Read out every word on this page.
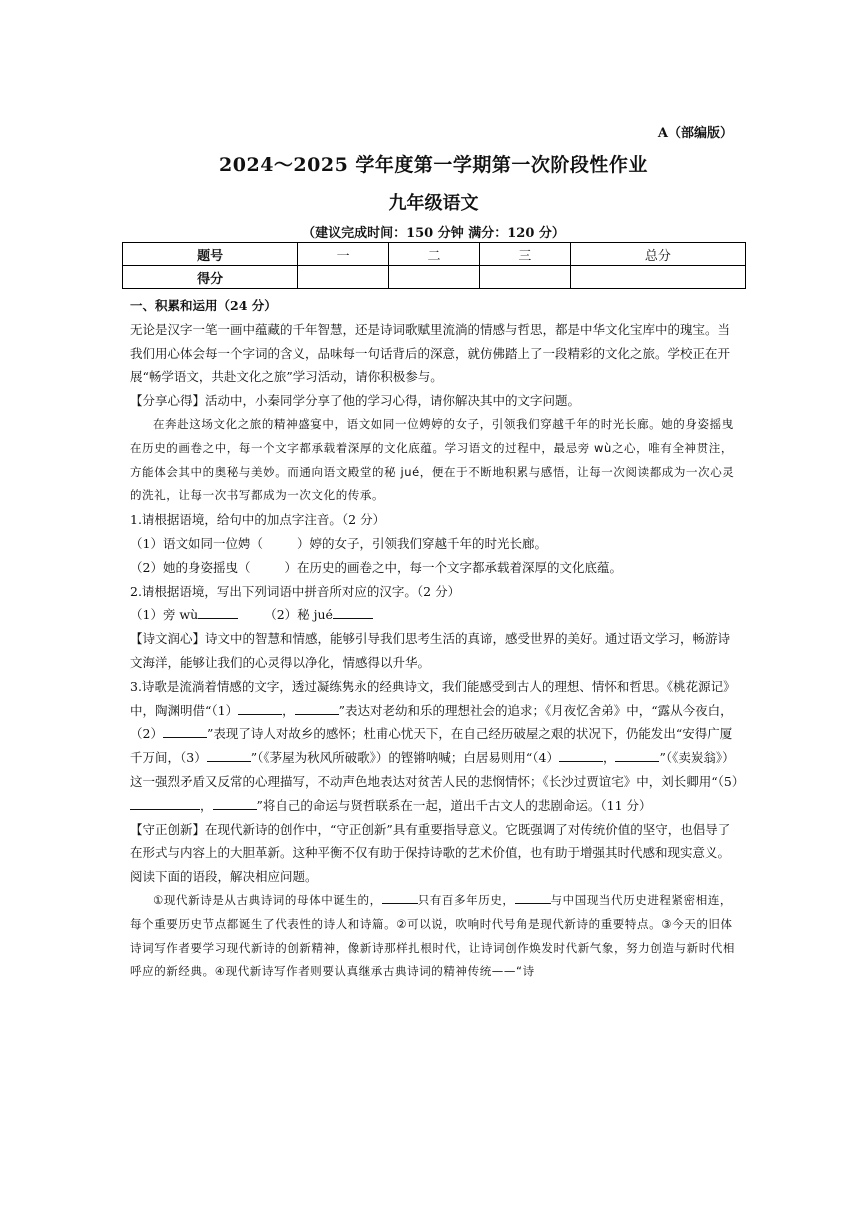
A（部编版）
2024～2025 学年度第一学期第一次阶段性作业
九年级语文
（建议完成时间：150 分钟 满分：120 分）
题号	一	二	三	总分
得分				

一、积累和运用（24 分）

无论是汉字一笔一画中蕴藏的千年智慧，还是诗词歌赋里流淌的情感与哲思，都是中华文化宝库中的瑰宝。当我们用心体会每一个字词的含义，品味每一句话背后的深意，就仿佛踏上了一段精彩的文化之旅。学校正在开展“畅学语文，共赴文化之旅”学习活动，请你积极参与。

【分享心得】活动中，小秦同学分享了他的学习心得，请你解决其中的文字问题。

在奔赴这场文化之旅的精神盛宴中，语文如同一位娉婷的女子，引领我们穿越千年的时光长廊。她的身姿摇曳在历史的画卷之中，每一个文字都承载着深厚的文化底蕴。学习语文的过程中，最忌旁 wù之心，唯有全神贯注，方能体会其中的奥秘与美妙。而通向语文殿堂的秘 jué，便在于不断地积累与感悟，让每一次阅读都成为一次心灵的洗礼，让每一次书写都成为一次文化的传承。

1.请根据语境，给句中的加点字注音。（2 分）

（1）语文如同一位娉（	）婷的女子，引领我们穿越千年的时光长廊。

（2）她的身姿摇曳（	）在历史的画卷之中，每一个文字都承载着深厚的文化底蕴。

2.请根据语境，写出下列词语中拼音所对应的汉字。（2 分）

（1）旁 wù	（2）秘 jué

【诗文润心】诗文中的智慧和情感，能够引导我们思考生活的真谛，感受世界的美好。通过语文学习，畅游诗文海洋，能够让我们的心灵得以净化，情感得以升华。

3.诗歌是流淌着情感的文字，透过凝练隽永的经典诗文，我们能感受到古人的理想、情怀和哲思。《桃花源记》中，陶渊明借“（1）	，	”表达对老幼和乐的理想社会的追求；《月夜忆舍弟》中，“露从今夜白，（2）	”表现了诗人对故乡的感怀；杜甫心忧天下，在自己经历破屋之艰的状况下，仍能发出“安得广厦千万间，（3）	”（《茅屋为秋风所破歌》）的铿锵呐喊；白居易则用“（4）	，	”（《卖炭翁》）这一强烈矛盾又反常的心理描写，不动声色地表达对贫苦人民的悲悯情怀；《长沙过贾谊宅》中，刘长卿用“（5），	”将自己的命运与贤哲联系在一起，道出千古文人的悲剧命运。（11 分）

【守正创新】在现代新诗的创作中，“守正创新”具有重要指导意义。它既强调了对传统价值的坚守，也倡导了在形式与内容上的大胆革新。这种平衡不仅有助于保持诗歌的艺术价值，也有助于增强其时代感和现实意义。

阅读下面的语段，解决相应问题。

①现代新诗是从古典诗词的母体中诞生的，	只有百多年历史，	与中国现当代历史进程紧密相连，每个重要历史节点都诞生了代表性的诗人和诗篇。②可以说，吹响时代号角是现代新诗的重要特点。③今天的旧体诗词写作者要学习现代新诗的创新精神，像新诗那样扎根时代，让诗词创作焕发时代新气象，努力创造与新时代相呼应的新经典。④现代新诗写作者则要认真继承古典诗词的精神传统——“诗
